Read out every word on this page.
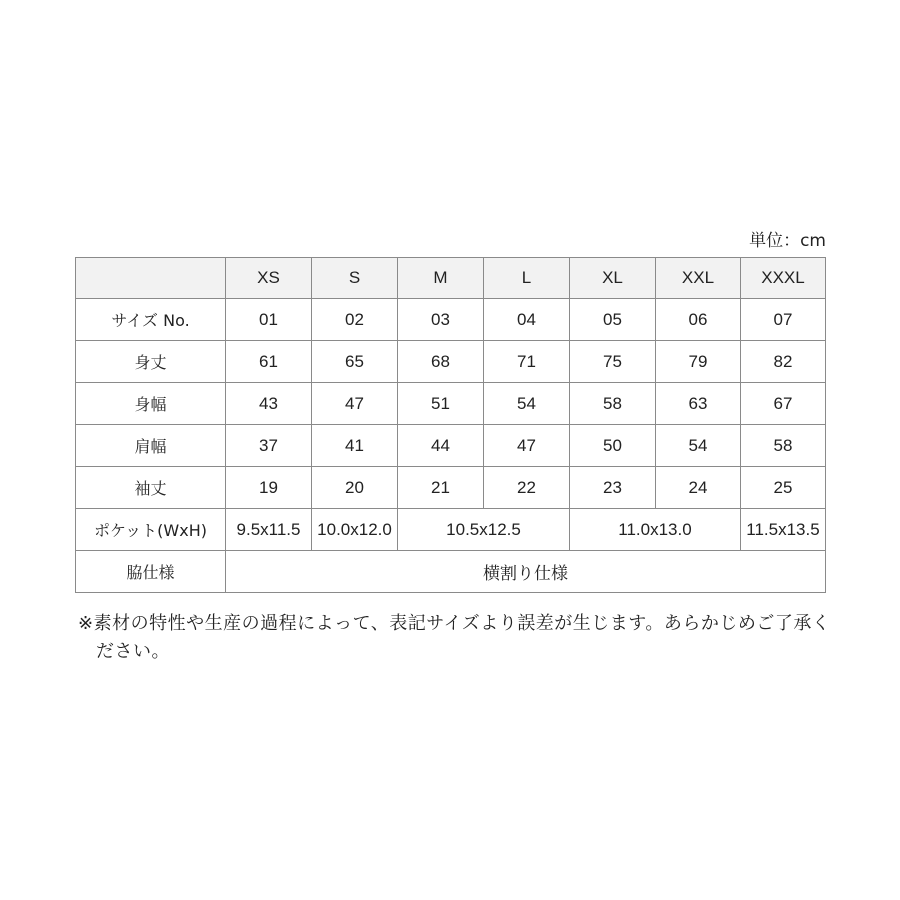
単位：cm
	XS	S	M	L	XL	XXL	XXXL
サイズ No.	01	02	03	04	05	06	07
身丈	61	65	68	71	75	79	82
身幅	43	47	51	54	58	63	67
肩幅	37	41	44	47	50	54	58
袖丈	19	20	21	22	23	24	25
ポケット(WxH)	9.5x11.5	10.0x12.0	10.5x12.5		11.0x13.0		11.5x13.5
脇仕様	横割り仕様						
※素材の特性や生産の過程によって、表記サイズより誤差が生じます。あらかじめご了承ください。
